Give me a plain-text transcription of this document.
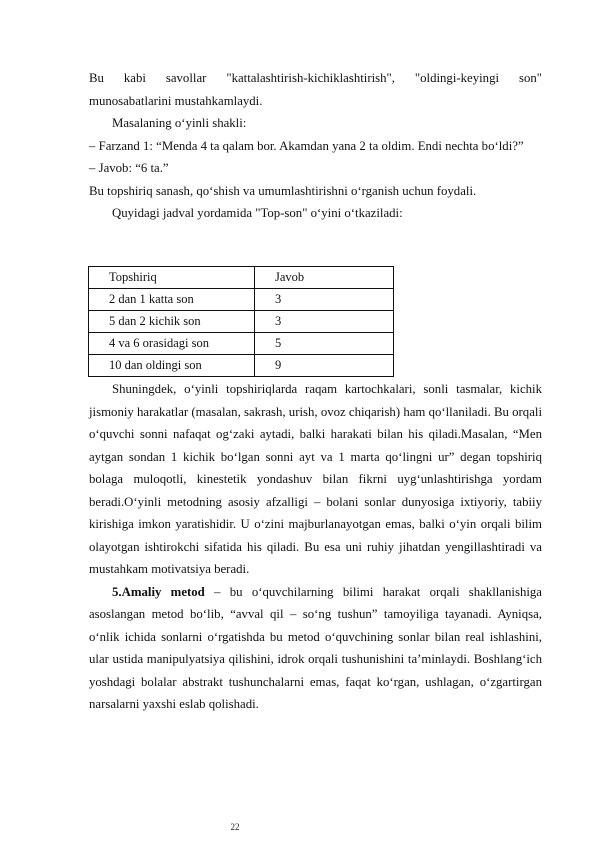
Bu kabi savollar "kattalashtirish-kichiklashtirish", "oldingi-keyingi son" munosabatlarini mustahkamlaydi.

Masalaning o‘yinli shakli:

– Farzand 1: “Menda 4 ta qalam bor. Akamdan yana 2 ta oldim. Endi nechta bo‘ldi?”

– Javob: “6 ta.”

Bu topshiriq sanash, qo‘shish va umumlashtirishni o‘rganish uchun foydali.

Quyidagi jadval yordamida "Top-son" o‘yini o‘tkaziladi:

Topshiriq	Javob
2 dan 1 katta son	3
5 dan 2 kichik son	3
4 va 6 orasidagi son	5
10 dan oldingi son	9

Shuningdek, o‘yinli topshiriqlarda raqam kartochkalari, sonli tasmalar, kichik jismoniy harakatlar (masalan, sakrash, urish, ovoz chiqarish) ham qo‘llaniladi. Bu orqali o‘quvchi sonni nafaqat og‘zaki aytadi, balki harakati bilan his qiladi.Masalan, “Men aytgan sondan 1 kichik bo‘lgan sonni ayt va 1 marta qo‘lingni ur” degan topshiriq bolaga muloqotli, kinestetik yondashuv bilan fikrni uyg‘unlashtirishga yordam beradi.O‘yinli metodning asosiy afzalligi – bolani sonlar dunyosiga ixtiyoriy, tabiiy kirishiga imkon yaratishidir. U o‘zini majburlanayotgan emas, balki o‘yin orqali bilim olayotgan ishtirokchi sifatida his qiladi. Bu esa uni ruhiy jihatdan yengillashtiradi va mustahkam motivatsiya beradi.

5.Amaliy metod – bu o‘quvchilarning bilimi harakat orqali shakllanishiga asoslangan metod bo‘lib, “avval qil – so‘ng tushun” tamoyiliga tayanadi. Ayniqsa, o‘nlik ichida sonlarni o‘rgatishda bu metod o‘quvchining sonlar bilan real ishlashini, ular ustida manipulyatsiya qilishini, idrok orqali tushunishini ta’minlaydi. Boshlang‘ich yoshdagi bolalar abstrakt tushunchalarni emas, faqat ko‘rgan, ushlagan, o‘zgartirgan narsalarni yaxshi eslab qolishadi.

22
